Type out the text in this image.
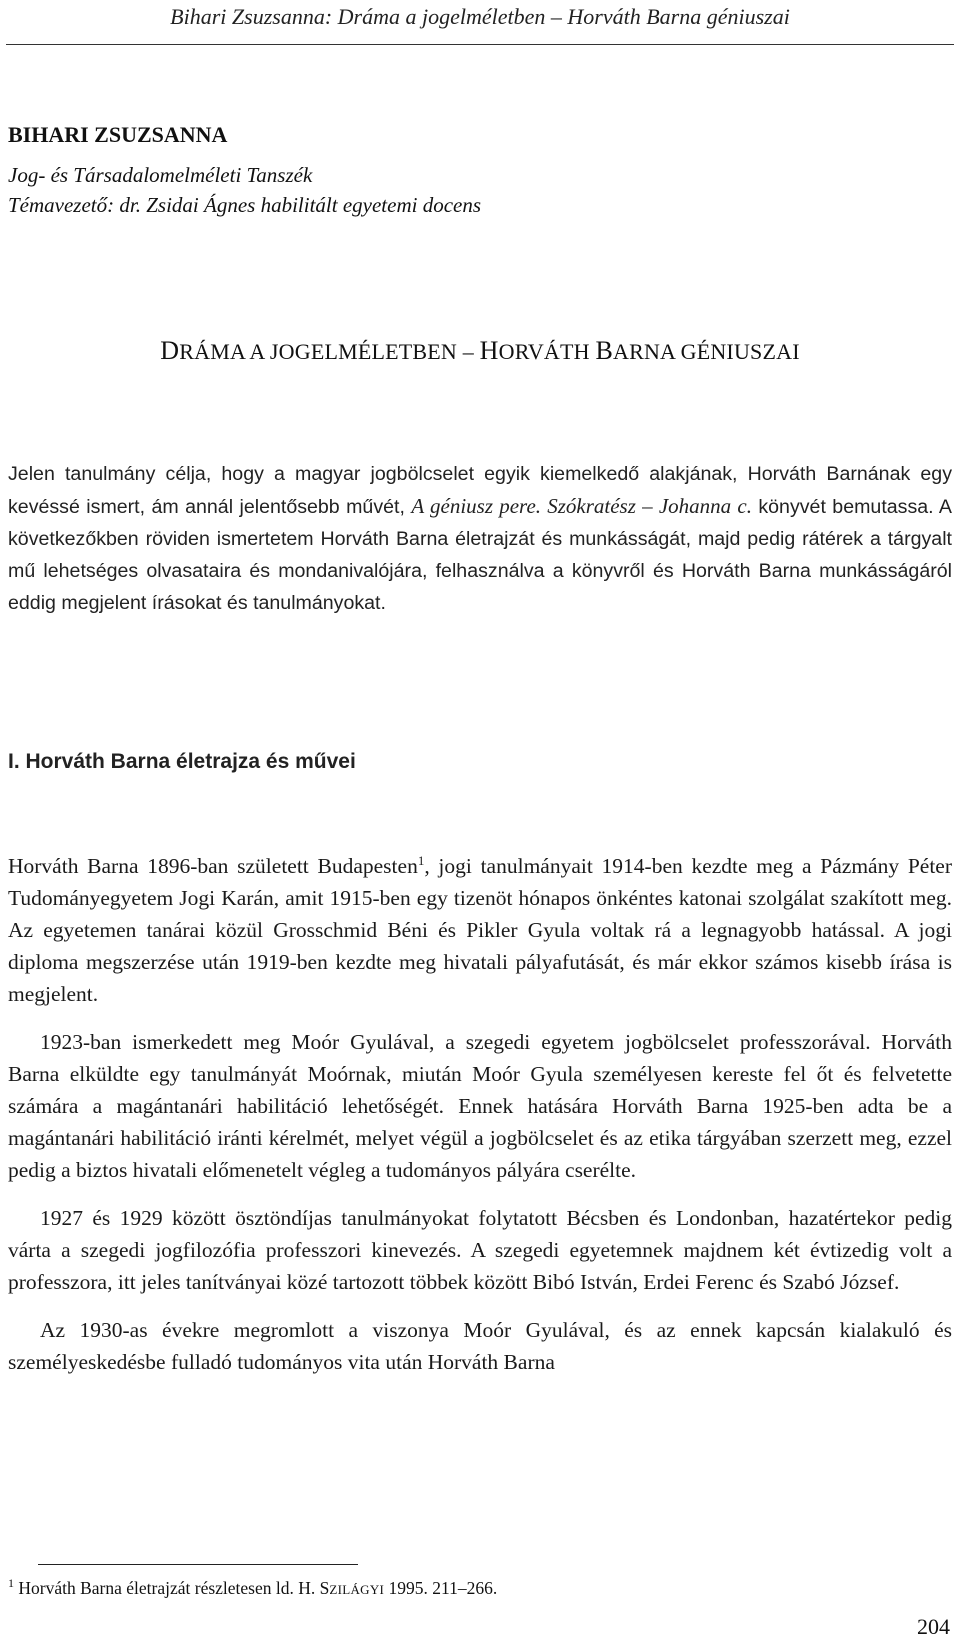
Bihari Zsuzsanna: Dráma a jogelméletben – Horváth Barna géniuszai
BIHARI ZSUZSANNA
Jog- és Társadalomelméleti Tanszék
Témavezető: dr. Zsidai Ágnes habilitált egyetemi docens
DRÁMA A JOGELMÉLETBEN – HORVÁTH BARNA GÉNIUSZAI

Jelen tanulmány célja, hogy a magyar jogbölcselet egyik kiemelkedő alakjának, Horváth Barnának egy kevéssé ismert, ám annál jelentősebb művét, A géniusz pere. Szókratész – Johanna c. könyvét bemutassa. A következőkben röviden ismertetem Horváth Barna életrajzát és munkásságát, majd pedig rátérek a tárgyalt mű lehetséges olvasataira és mondanivalójára, felhasználva a könyvről és Horváth Barna munkásságáról eddig megjelent írásokat és tanulmányokat.

I. Horváth Barna életrajza és művei

Horváth Barna 1896-ban született Budapesten$^1$, jogi tanulmányait 1914-ben kezdte meg a Pázmány Péter Tudományegyetem Jogi Karán, amit 1915-ben egy tizenöt hónapos önkéntes katonai szolgálat szakított meg. Az egyetemen tanárai közül Grosschmid Béni és Pikler Gyula voltak rá a legnagyobb hatással. A jogi diploma megszerzése után 1919-ben kezdte meg hivatali pályafutását, és már ekkor számos kisebb írása is megjelent.

1923-ban ismerkedett meg Moór Gyulával, a szegedi egyetem jogbölcselet professzorával. Horváth Barna elküldte egy tanulmányát Moórnak, miután Moór Gyula személyesen kereste fel őt és felvetette számára a magántanári habilitáció lehetőségét. Ennek hatására Horváth Barna 1925-ben adta be a magántanári habilitáció iránti kérelmét, melyet végül a jogbölcselet és az etika tárgyában szerzett meg, ezzel pedig a biztos hivatali előmenetelt végleg a tudományos pályára cserélte.

1927 és 1929 között ösztöndíjas tanulmányokat folytatott Bécsben és Londonban, hazatértekor pedig várta a szegedi jogfilozófia professzori kinevezés. A szegedi egyetemnek majdnem két évtizedig volt a professzora, itt jeles tanítványai közé tartozott többek között Bibó István, Erdei Ferenc és Szabó József.

Az 1930-as évekre megromlott a viszonya Moór Gyulával, és az ennek kapcsán kialakuló és személyeskedésbe fulladó tudományos vita után Horváth Barna

$^1$ Horváth Barna életrajzát részletesen ld. H. SZILÁGYI 1995. 211–266.
204
